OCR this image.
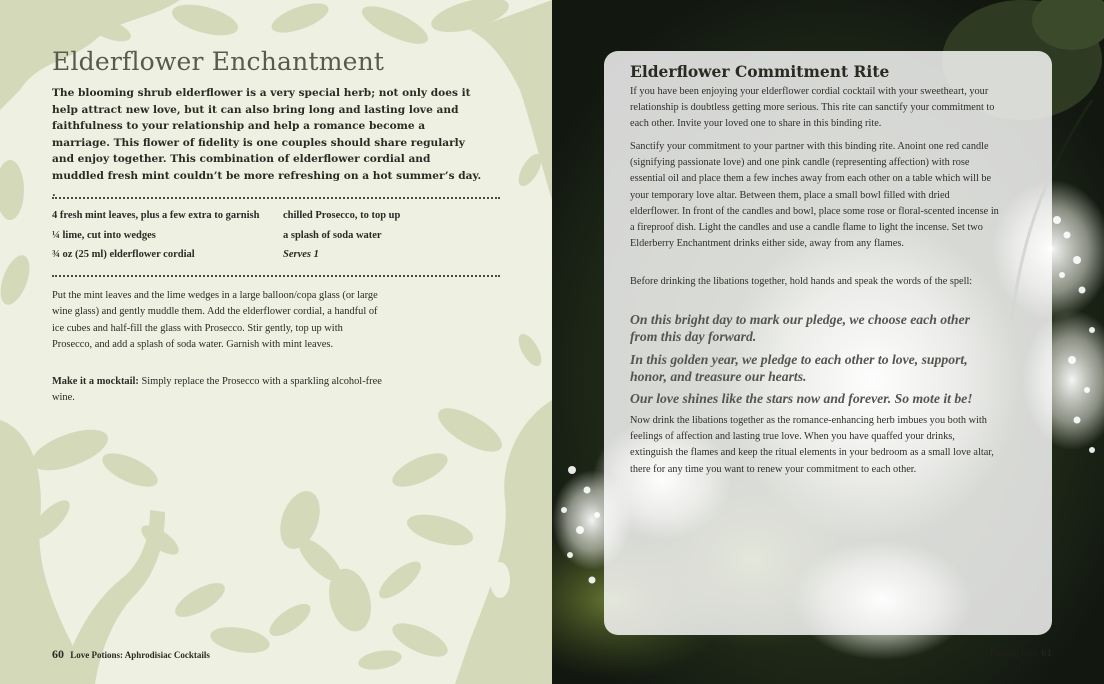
Elderflower Enchantment
The blooming shrub elderflower is a very special herb; not only does it help attract new love, but it can also bring long and lasting love and faithfulness to your relationship and help a romance become a marriage. This flower of fidelity is one couples should share regularly and enjoy together. This combination of elderflower cordial and muddled fresh mint couldn’t be more refreshing on a hot summer’s day. .
4 fresh mint leaves, plus a few extra to garnish
¼ lime, cut into wedges
¾ oz (25 ml) elderflower cordial
chilled Prosecco, to top up
a splash of soda water
Serves 1
Put the mint leaves and the lime wedges in a large balloon/copa glass (or large wine glass) and gently muddle them. Add the elderflower cordial, a handful of ice cubes and half-fill the glass with Prosecco. Stir gently, top up with Prosecco, and add a splash of soda water. Garnish with mint leaves.
Make it a mocktail: Simply replace the Prosecco with a sparkling alcohol-free wine.
60 Love Potions: Aphrodisiac Cocktails
Elderflower Commitment Rite
If you have been enjoying your elderflower cordial cocktail with your sweetheart, your relationship is doubtless getting more serious. This rite can sanctify your commitment to each other. Invite your loved one to share in this binding rite.
Sanctify your commitment to your partner with this binding rite. Anoint one red candle (signifying passionate love) and one pink candle (representing affection) with rose essential oil and place them a few inches away from each other on a table which will be your temporary love altar. Between them, place a small bowl filled with dried elderflower. In front of the candles and bowl, place some rose or floral-scented incense in a fireproof dish. Light the candles and use a candle flame to light the incense. Set two Elderberry Enchantment drinks either side, away from any flames.
Before drinking the libations together, hold hands and speak the words of the spell:
On this bright day to mark our pledge, we choose each other from this day forward.
In this golden year, we pledge to each other to love, support, honor, and treasure our hearts.
Our love shines like the stars now and forever. So mote it be!
Now drink the libations together as the romance-enhancing herb imbues you both with feelings of affection and lasting true love. When you have quaffed your drinks, extinguish the flames and keep the ritual elements in your bedroom as a small love altar, there for any time you want to renew your commitment to each other.
Binding love 61
